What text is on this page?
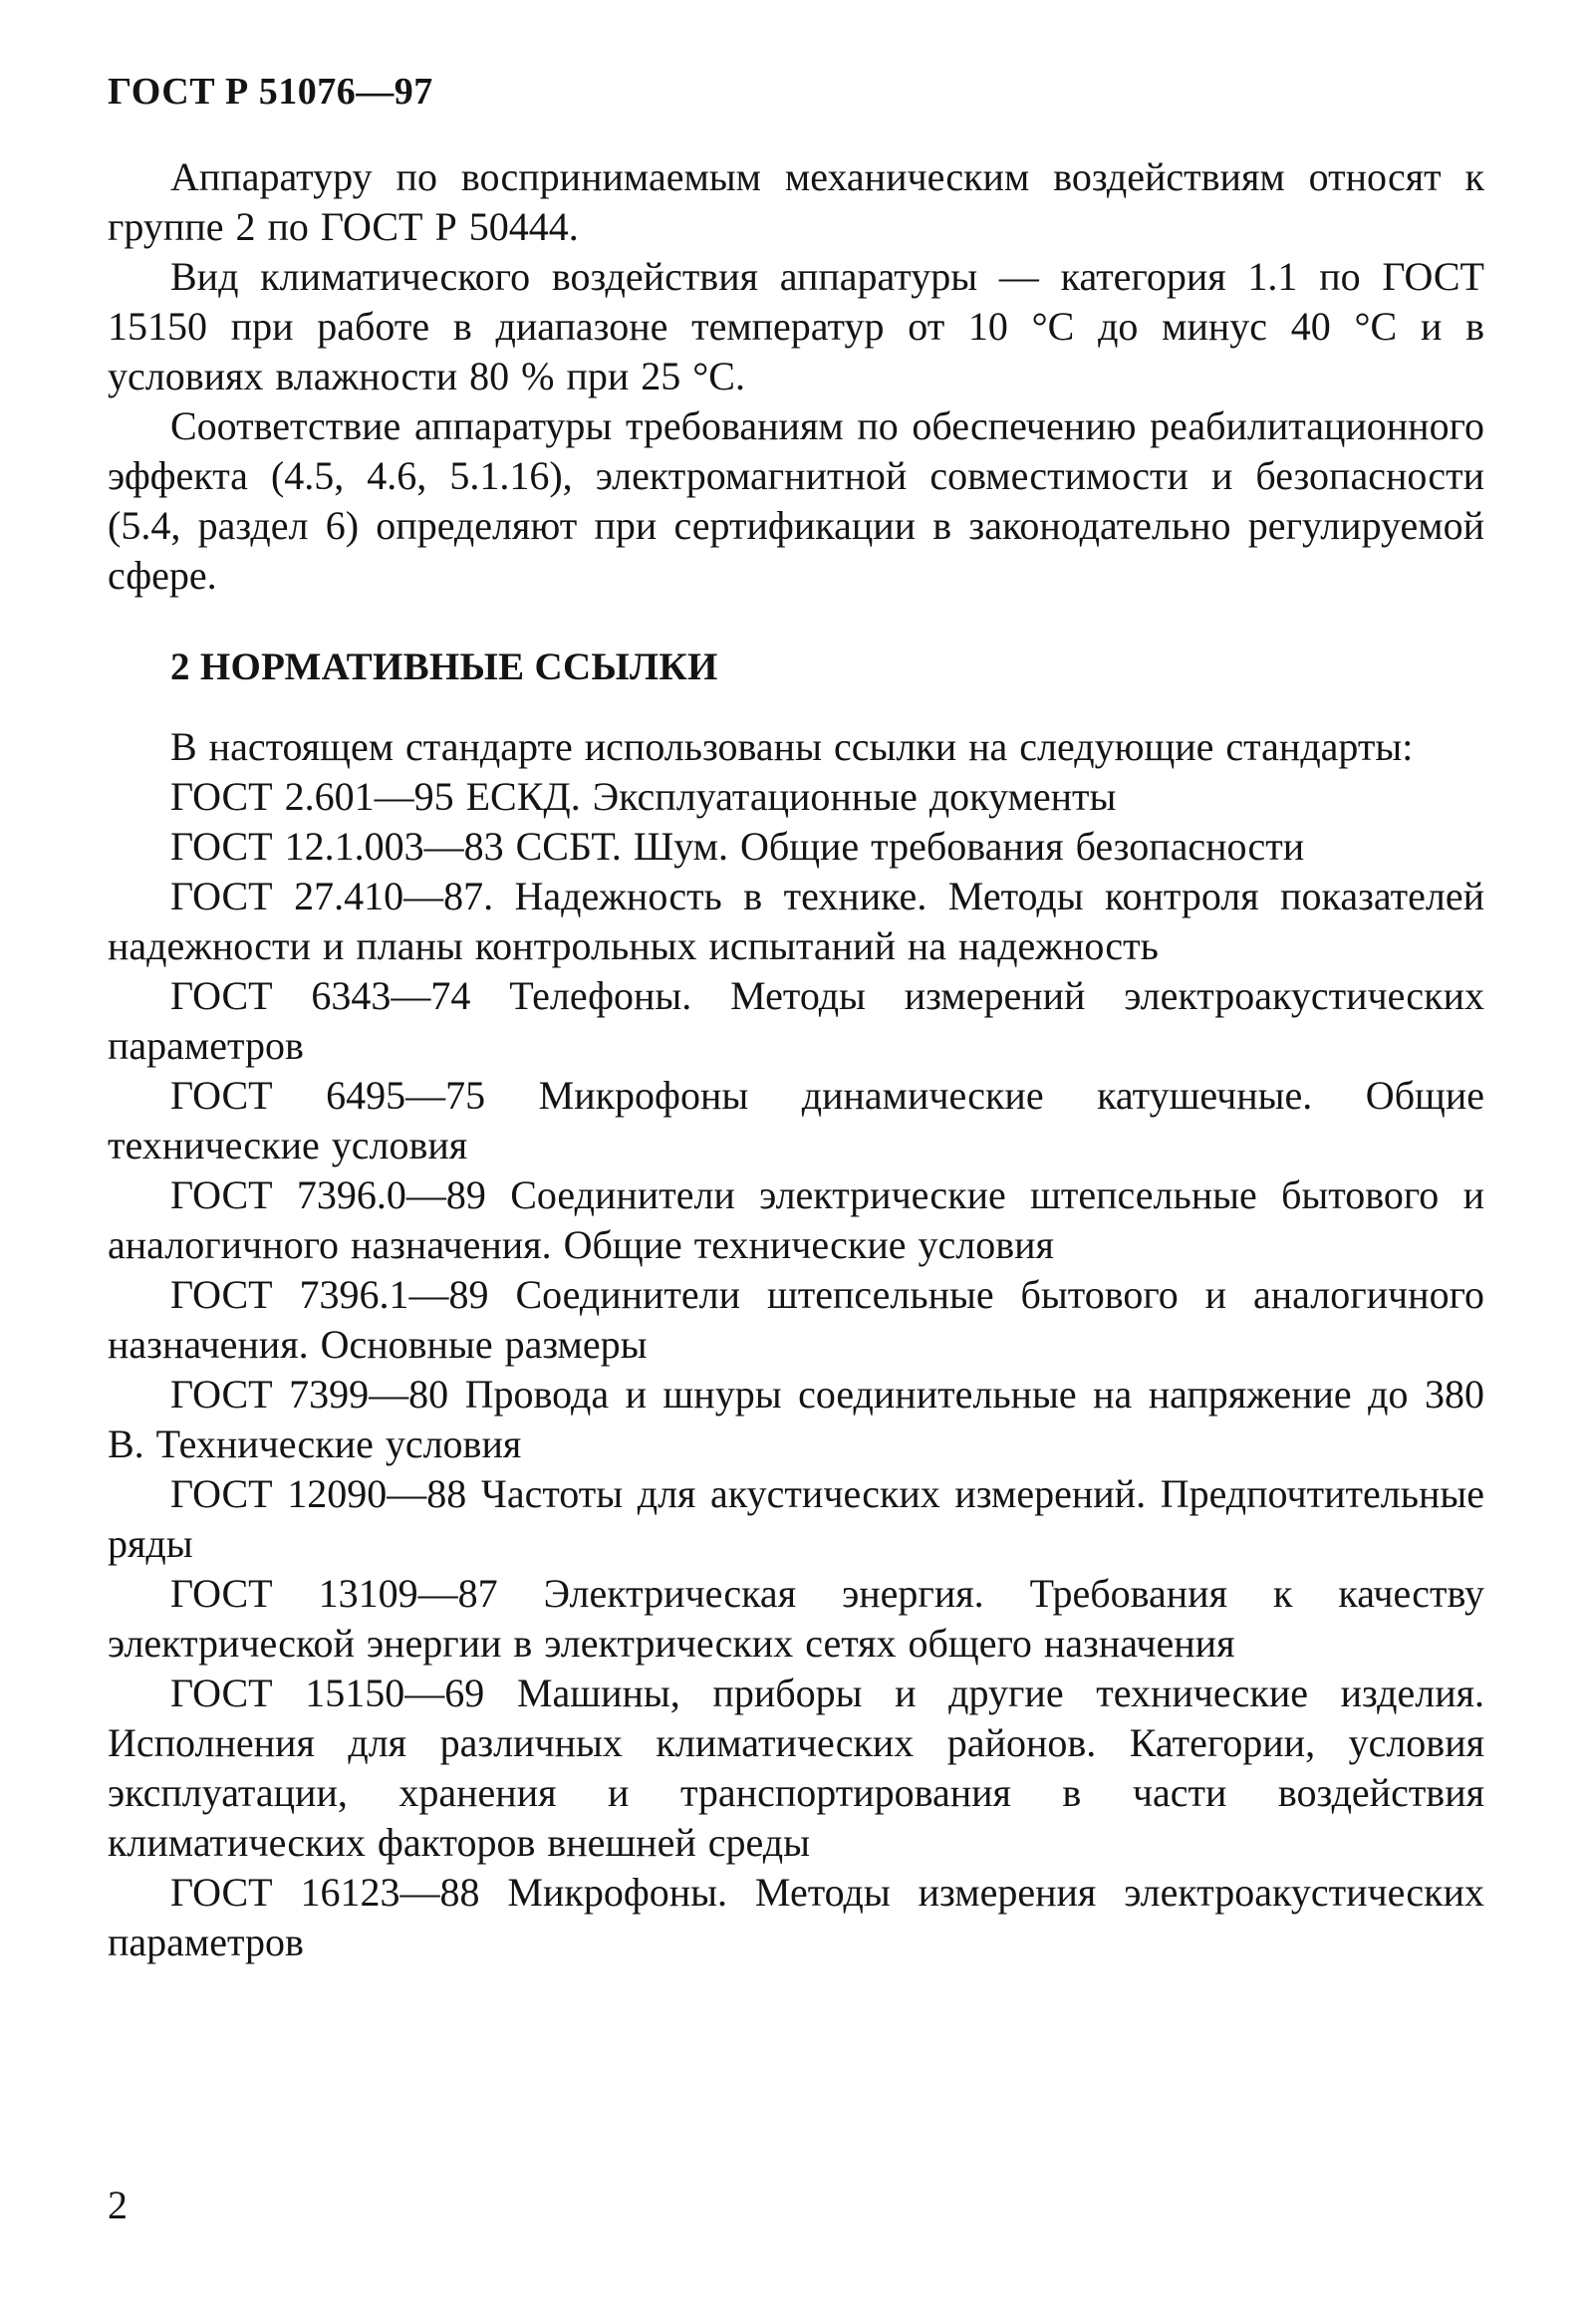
ГОСТ Р 51076—97

Аппаратуру по воспринимаемым механическим воздействиям относят к группе 2 по ГОСТ Р 50444.

Вид климатического воздействия аппаратуры — категория 1.1 по ГОСТ 15150 при работе в диапазоне температур от 10 °С до минус 40 °С и в условиях влажности 80 % при 25 °С.

Соответствие аппаратуры требованиям по обеспечению реабилитационного эффекта (4.5, 4.6, 5.1.16), электромагнитной совместимости и безопасности (5.4, раздел 6) определяют при сертификации в законодательно регулируемой сфере.

2 НОРМАТИВНЫЕ ССЫЛКИ

В настоящем стандарте использованы ссылки на следующие стандарты:

ГОСТ 2.601—95 ЕСКД. Эксплуатационные документы

ГОСТ 12.1.003—83 ССБТ. Шум. Общие требования безопасности

ГОСТ 27.410—87. Надежность в технике. Методы контроля показателей надежности и планы контрольных испытаний на надежность

ГОСТ 6343—74 Телефоны. Методы измерений электроакустических параметров

ГОСТ 6495—75 Микрофоны динамические катушечные. Общие технические условия

ГОСТ 7396.0—89 Соединители электрические штепсельные бытового и аналогичного назначения. Общие технические условия

ГОСТ 7396.1—89 Соединители штепсельные бытового и аналогичного назначения. Основные размеры

ГОСТ 7399—80 Провода и шнуры соединительные на напряжение до 380 В. Технические условия

ГОСТ 12090—88 Частоты для акустических измерений. Предпочтительные ряды

ГОСТ 13109—87 Электрическая энергия. Требования к качеству электрической энергии в электрических сетях общего назначения

ГОСТ 15150—69 Машины, приборы и другие технические изделия. Исполнения для различных климатических районов. Категории, условия эксплуатации, хранения и транспортирования в части воздействия климатических факторов внешней среды

ГОСТ 16123—88 Микрофоны. Методы измерения электроакустических параметров

2
